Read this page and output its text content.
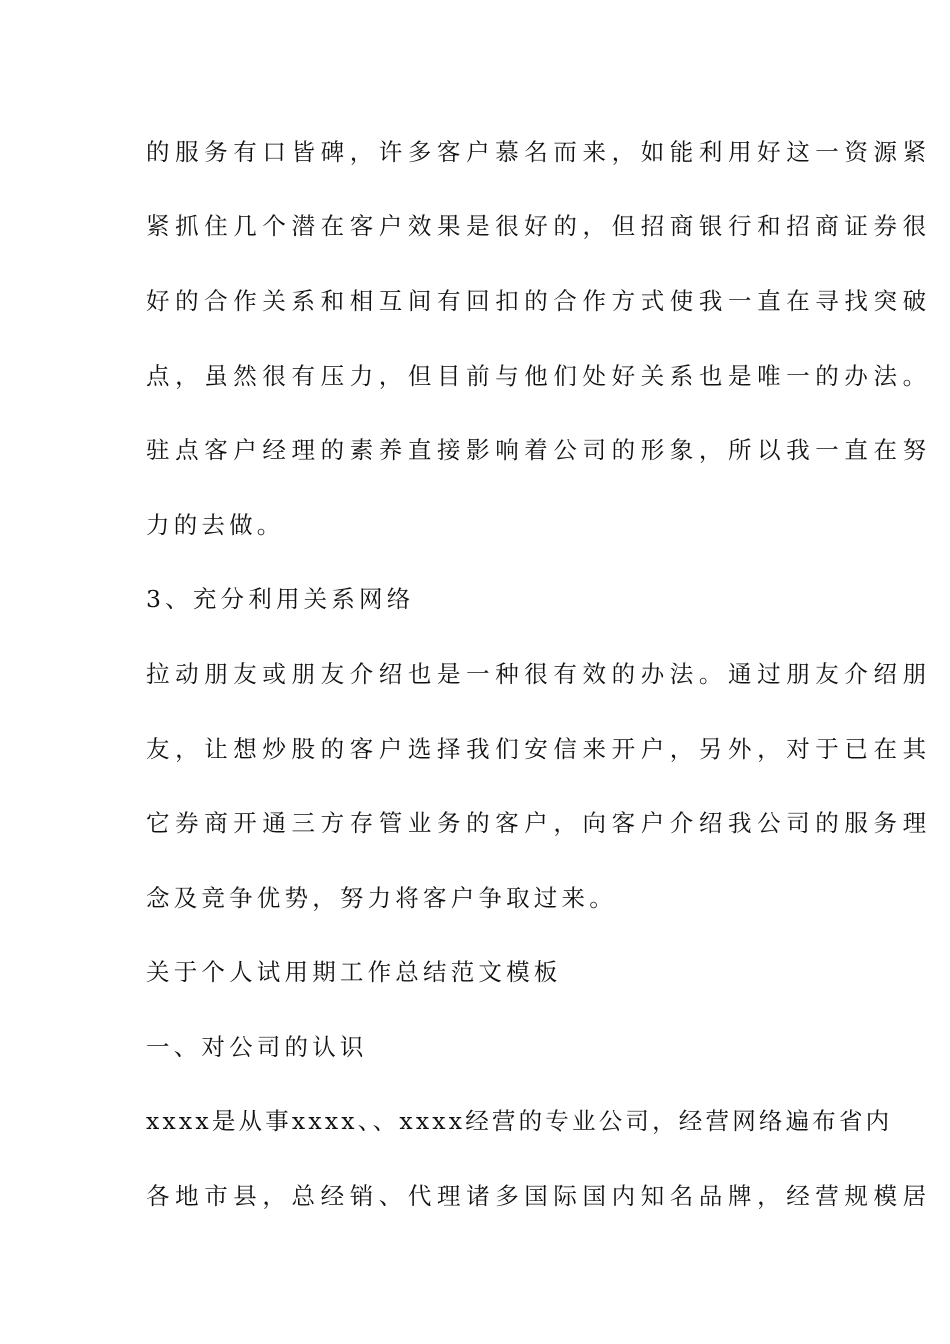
的服务有口皆碑，许多客户慕名而来，如能利用好这一资源紧
紧抓住几个潜在客户效果是很好的，但招商银行和招商证券很
好的合作关系和相互间有回扣的合作方式使我一直在寻找突破
点，虽然很有压力，但目前与他们处好关系也是唯一的办法。
驻点客户经理的素养直接影响着公司的形象，所以我一直在努
力的去做。
3、充分利用关系网络
拉动朋友或朋友介绍也是一种很有效的办法。通过朋友介绍朋
友，让想炒股的客户选择我们安信来开户，另外，对于已在其
它券商开通三方存管业务的客户，向客户介绍我公司的服务理
念及竞争优势，努力将客户争取过来。
关于个人试用期工作总结范文模板
一、对公司的认识
xxxx是从事xxxx、、xxxx经营的专业公司，经营网络遍布省内
各地市县，总经销、代理诸多国际国内知名品牌，经营规模居
